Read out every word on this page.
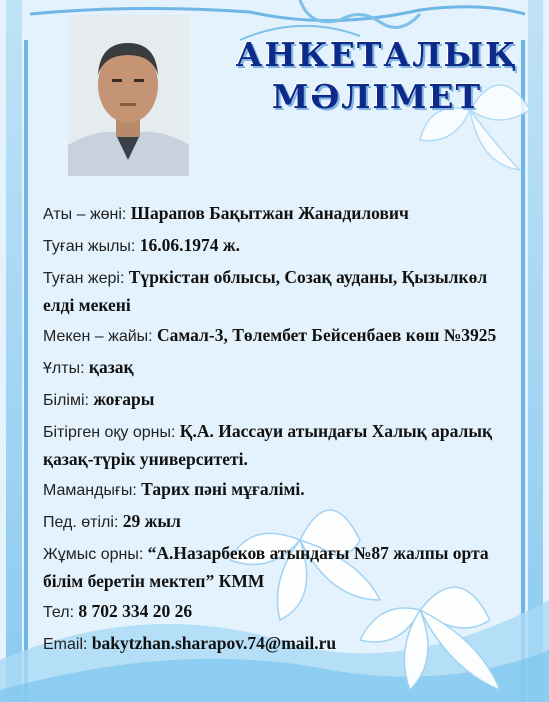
АНКЕТАЛЫҚ
МӘЛІМЕТ
Аты – жөні: Шарапов Бақытжан Жанадилович
Туған жылы: 16.06.1974 ж.
Туған жері: Түркістан облысы, Созақ ауданы, Қызылкөл елді мекені
Мекен – жайы: Самал-3, Төлембет Бейсенбаев көш №3925
Ұлты: қазақ
Білімі: жоғары
Бітірген оқу орны: Қ.А. Иассауи атындағы Халық аралық қазақ-түрік университеті.
Мамандығы: Тарих пәні мұғалімі.
Пед. өтілі: 29 жыл
Жұмыс орны: “А.Назарбеков атындағы №87 жалпы орта білім беретін мектеп” КММ
Тел: 8 702 334 20 26
Email: bakytzhan.sharapov.74@mail.ru
